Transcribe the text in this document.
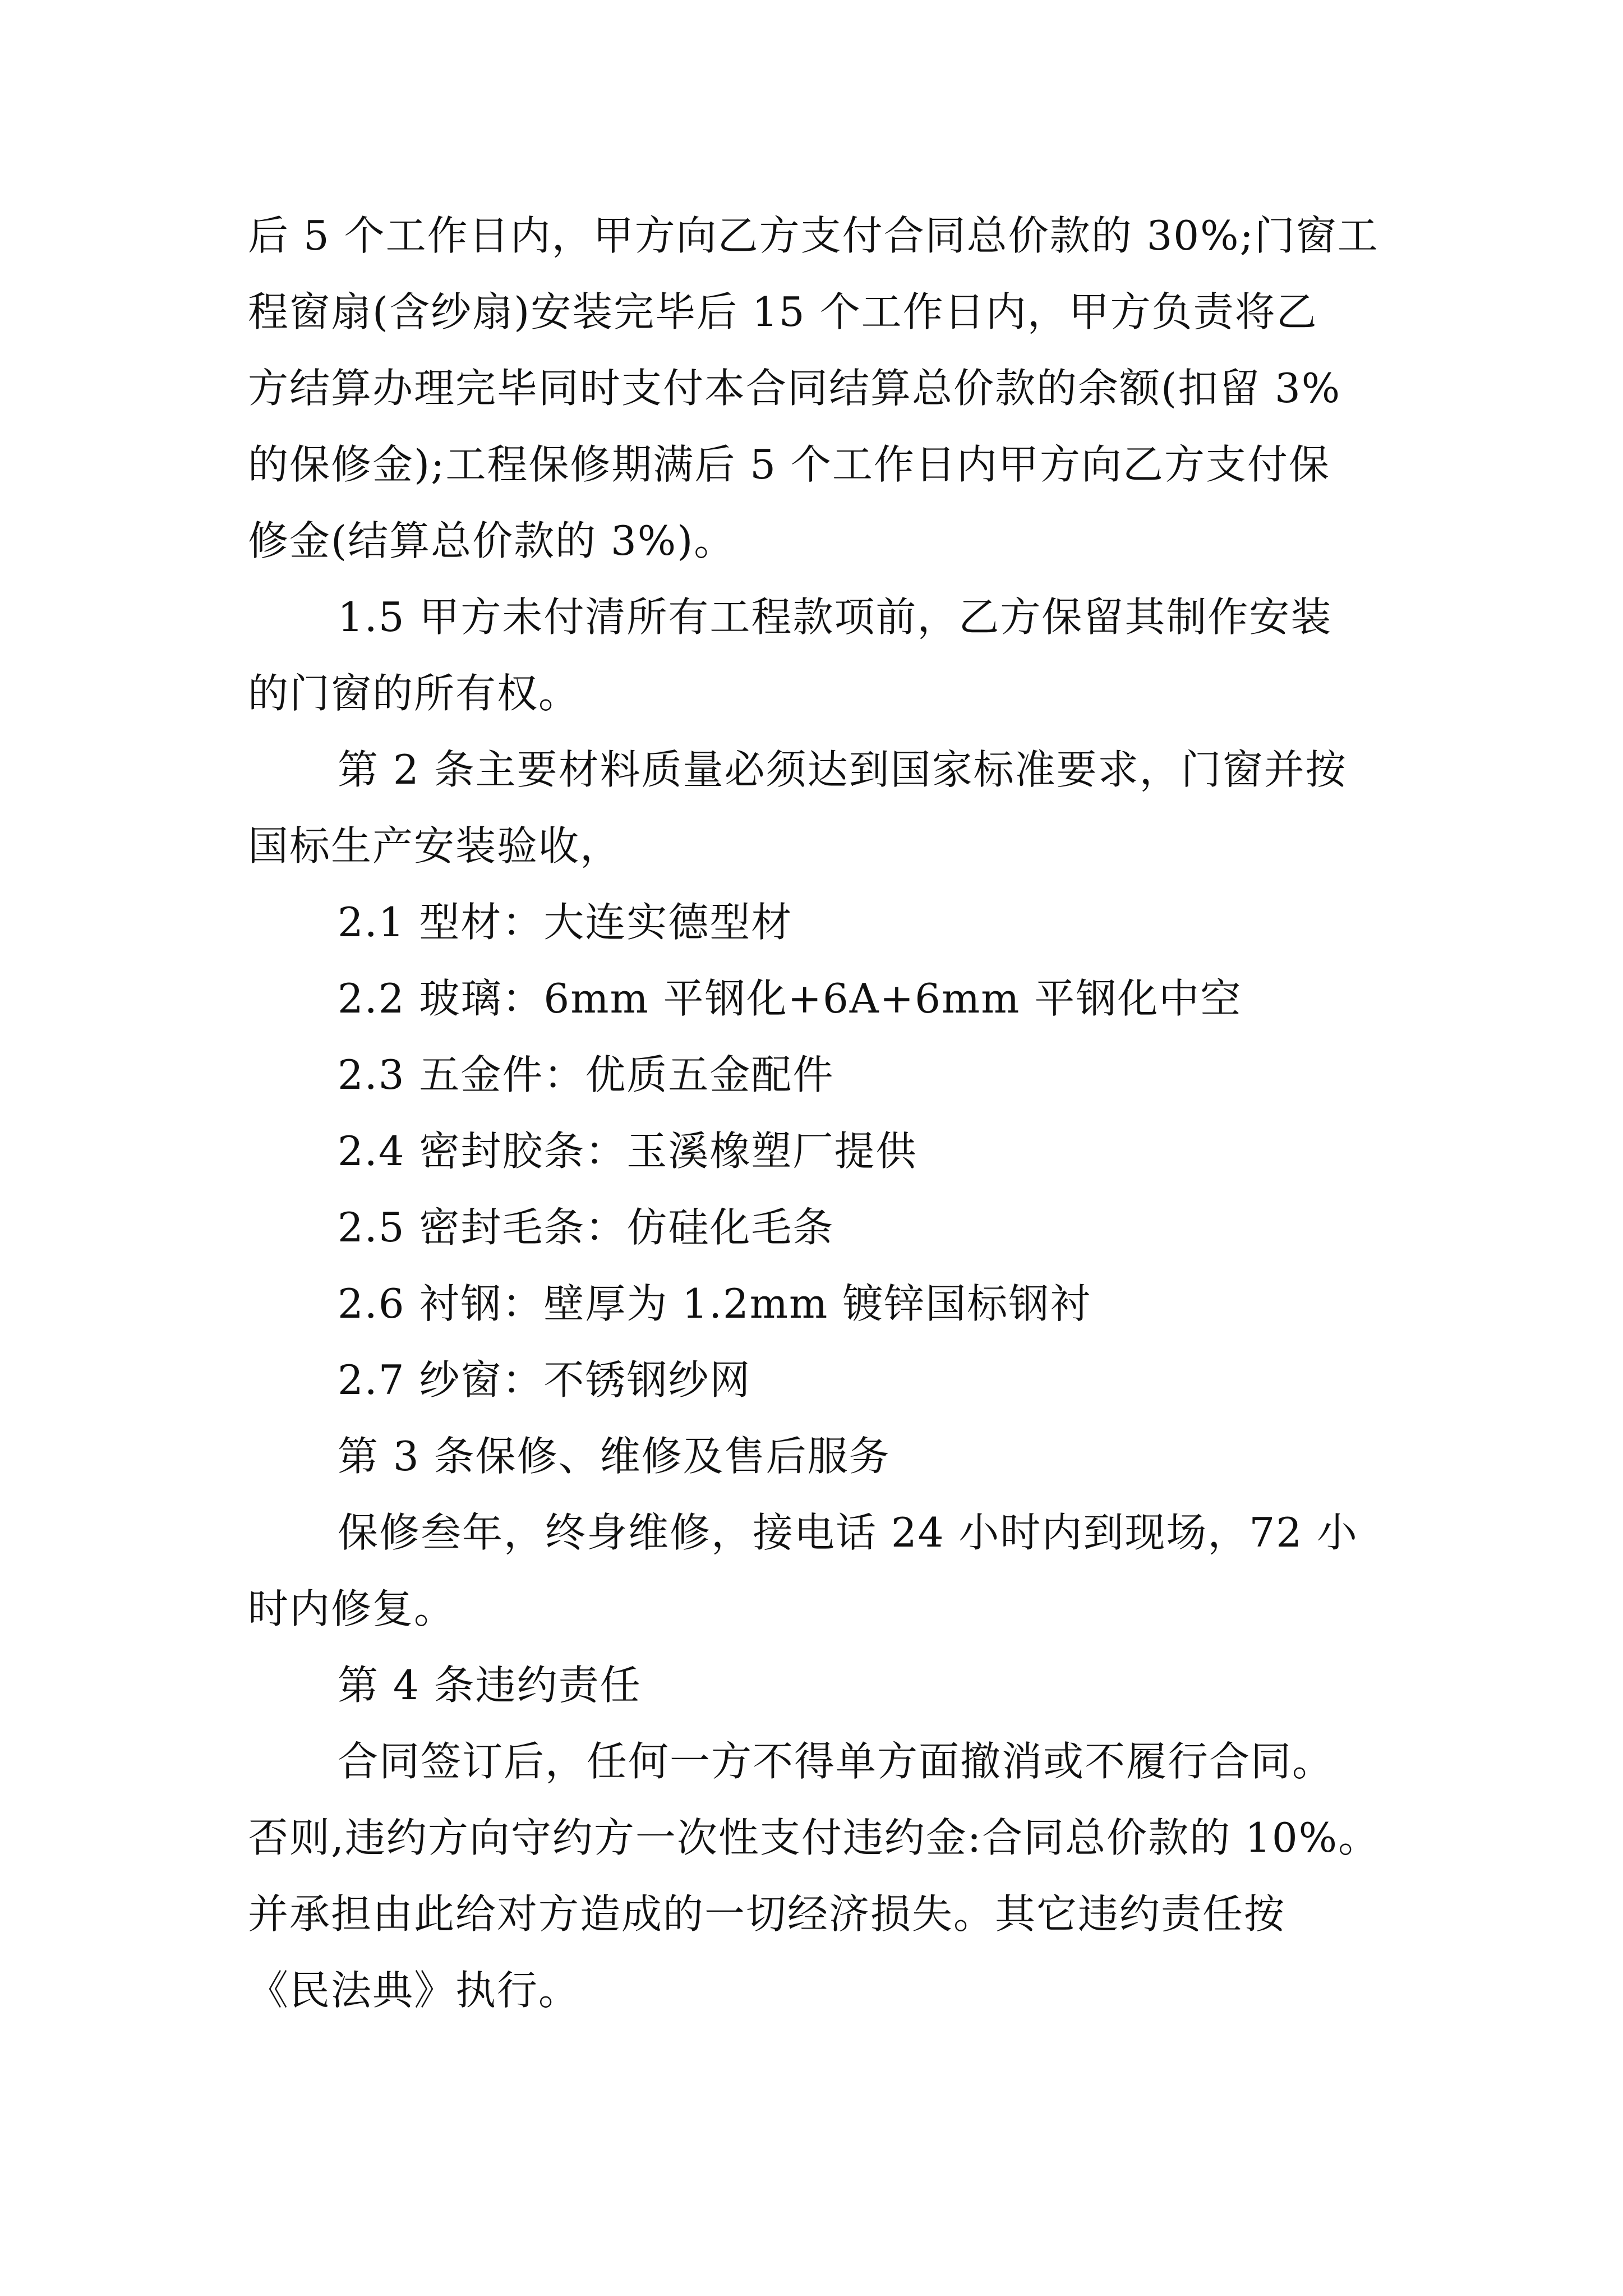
后 5 个工作日内，甲方向乙方支付合同总价款的 30%;门窗工
程窗扇(含纱扇)安装完毕后 15 个工作日内，甲方负责将乙
方结算办理完毕同时支付本合同结算总价款的余额(扣留 3%
的保修金);工程保修期满后 5 个工作日内甲方向乙方支付保
修金(结算总价款的 3%)。
1.5 甲方未付清所有工程款项前，乙方保留其制作安装
的门窗的所有权。
第 2 条主要材料质量必须达到国家标准要求，门窗并按
国标生产安装验收，
2.1 型材：大连实德型材
2.2 玻璃：6mm 平钢化+6A+6mm 平钢化中空
2.3 五金件：优质五金配件
2.4 密封胶条：玉溪橡塑厂提供
2.5 密封毛条：仿硅化毛条
2.6 衬钢：壁厚为 1.2mm 镀锌国标钢衬
2.7 纱窗：不锈钢纱网
第 3 条保修、维修及售后服务
保修叁年，终身维修，接电话 24 小时内到现场，72 小
时内修复。
第 4 条违约责任
合同签订后，任何一方不得单方面撤消或不履行合同。
否则,违约方向守约方一次性支付违约金:合同总价款的 10%。
并承担由此给对方造成的一切经济损失。其它违约责任按
《民法典》执行。
